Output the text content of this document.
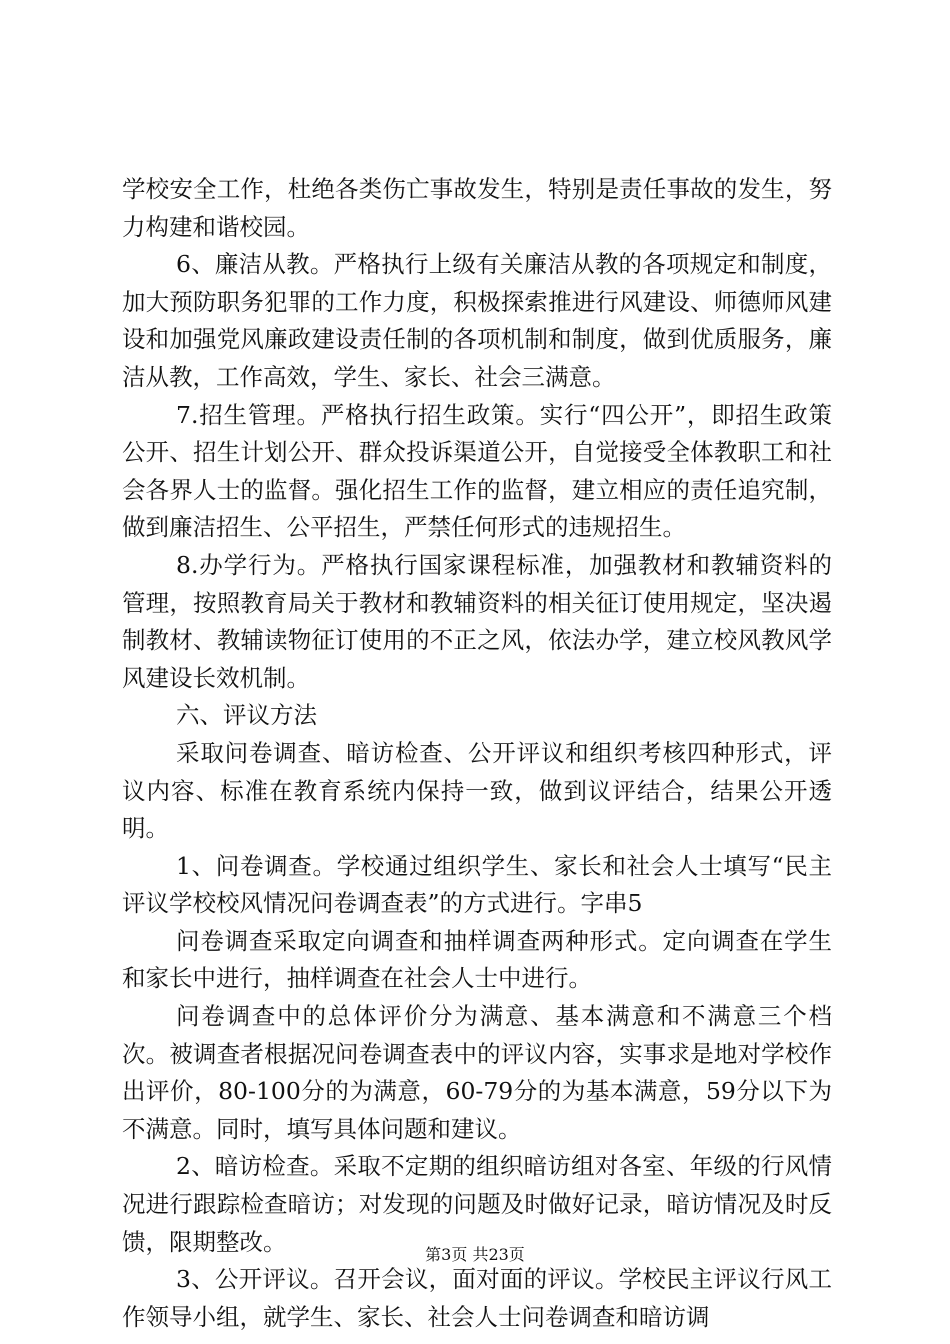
学校安全工作，杜绝各类伤亡事故发生，特别是责任事故的发生，努力构建和谐校园。

6、廉洁从教。严格执行上级有关廉洁从教的各项规定和制度，加大预防职务犯罪的工作力度，积极探索推进行风建设、师德师风建设和加强党风廉政建设责任制的各项机制和制度，做到优质服务，廉洁从教，工作高效，学生、家长、社会三满意。

7.招生管理。严格执行招生政策。实行“四公开”，即招生政策公开、招生计划公开、群众投诉渠道公开，自觉接受全体教职工和社会各界人士的监督。强化招生工作的监督，建立相应的责任追究制，做到廉洁招生、公平招生，严禁任何形式的违规招生。

8.办学行为。严格执行国家课程标准，加强教材和教辅资料的管理，按照教育局关于教材和教辅资料的相关征订使用规定，坚决遏制教材、教辅读物征订使用的不正之风，依法办学，建立校风教风学风建设长效机制。

六、评议方法

采取问卷调查、暗访检查、公开评议和组织考核四种形式，评议内容、标准在教育系统内保持一致，做到议评结合，结果公开透明。

1、问卷调查。学校通过组织学生、家长和社会人士填写“民主评议学校校风情况问卷调查表”的方式进行。字串5

问卷调查采取定向调查和抽样调查两种形式。定向调查在学生和家长中进行，抽样调查在社会人士中进行。

问卷调查中的总体评价分为满意、基本满意和不满意三个档次。被调查者根据况问卷调查表中的评议内容，实事求是地对学校作出评价，80-100分的为满意，60-79分的为基本满意，59分以下为不满意。同时，填写具体问题和建议。

2、暗访检查。采取不定期的组织暗访组对各室、年级的行风情况进行跟踪检查暗访；对发现的问题及时做好记录，暗访情况及时反馈，限期整改。

3、公开评议。召开会议，面对面的评议。学校民主评议行风工作领导小组，就学生、家长、社会人士问卷调查和暗访调

第3页 共23页
